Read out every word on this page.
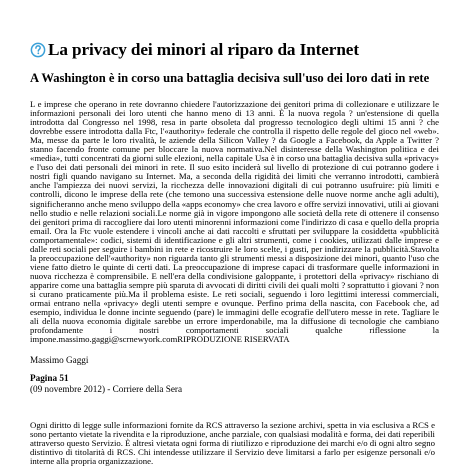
La privacy dei minori al riparo da Internet
A Washington è in corso una battaglia decisiva sull'uso dei loro dati in rete
L e imprese che operano in rete dovranno chiedere l'autorizzazione dei genitori prima di collezionare e utilizzare le informazioni personali dei loro utenti che hanno meno di 13 anni. È la nuova regola ? un'estensione di quella introdotta dal Congresso nel 1998, resa in parte obsoleta dal progresso tecnologico degli ultimi 15 anni ? che dovrebbe essere introdotta dalla Ftc, l'«authority» federale che controlla il rispetto delle regole del gioco nel «web». Ma, messe da parte le loro rivalità, le aziende della Silicon Valley ? da Google a Facebook, da Apple a Twitter ? stanno facendo fronte comune per bloccare la nuova normativa.Nel disinteresse della Washington politica e dei «media», tutti concentrati da giorni sulle elezioni, nella capitale Usa è in corso una battaglia decisiva sulla «privacy» e l'uso dei dati personali dei minori in rete. Il suo esito inciderà sul livello di protezione di cui potranno godere i nostri figli quando navigano su Internet. Ma, a seconda della rigidità dei limiti che verranno introdotti, cambierà anche l'ampiezza dei nuovi servizi, la ricchezza delle innovazioni digitali di cui potranno usufruire: più limiti e controlli, dicono le imprese della rete (che temono una successiva estensione delle nuove norme anche agli adulti), significheranno anche meno sviluppo della «apps economy» che crea lavoro e offre servizi innovativi, utili ai giovani nello studio e nelle relazioni sociali.Le norme già in vigore impongono alle società della rete di ottenere il consenso dei genitori prima di raccogliere dai loro utenti minorenni informazioni come l'indirizzo di casa e quello della propria email. Ora la Ftc vuole estendere i vincoli anche ai dati raccolti e sfruttati per sviluppare la cosiddetta «pubblicità comportamentale»: codici, sistemi di identificazione e gli altri strumenti, come i cookies, utilizzati dalle imprese e dalle reti sociali per seguire i bambini in rete e ricostruire le loro scelte, i gusti, per indirizzare la pubblicità.Stavolta la preoccupazione dell'«authority» non riguarda tanto gli strumenti messi a disposizione dei minori, quanto l'uso che viene fatto dietro le quinte di certi dati. La preoccupazione di imprese capaci di trasformare quelle informazioni in nuova ricchezza è comprensibile. E nell'era della condivisione galoppante, i protettori della «privacy» rischiano di apparire come una battaglia sempre più sparuta di avvocati di diritti civili dei quali molti ? soprattutto i giovani ? non si curano praticamente più.Ma il problema esiste. Le reti sociali, seguendo i loro legittimi interessi commerciali, ormai entrano nella «privacy» degli utenti sempre e ovunque. Perfino prima della nascita, con Facebook che, ad esempio, individua le donne incinte seguendo (pare) le immagini delle ecografie dell'utero messe in rete. Tagliare le ali della nuova economia digitale sarebbe un errore imperdonabile, ma la diffusione di tecnologie che cambiano profondamente i nostri comportamenti sociali qualche riflessione la impone.massimo.gaggi@scrnewyork.comRIPRODUZIONE RISERVATA
Massimo Gaggi
Pagina 51
(09 novembre 2012) - Corriere della Sera
Ogni diritto di legge sulle informazioni fornite da RCS attraverso la sezione archivi, spetta in via esclusiva a RCS e sono pertanto vietate la rivendita e la riproduzione, anche parziale, con qualsiasi modalità e forma, dei dati reperibili attraverso questo Servizio. È altresì vietata ogni forma di riutilizzo e riproduzione dei marchi e/o di ogni altro segno distintivo di titolarità di RCS. Chi intendesse utilizzare il Servizio deve limitarsi a farlo per esigenze personali e/o interne alla propria organizzazione.
